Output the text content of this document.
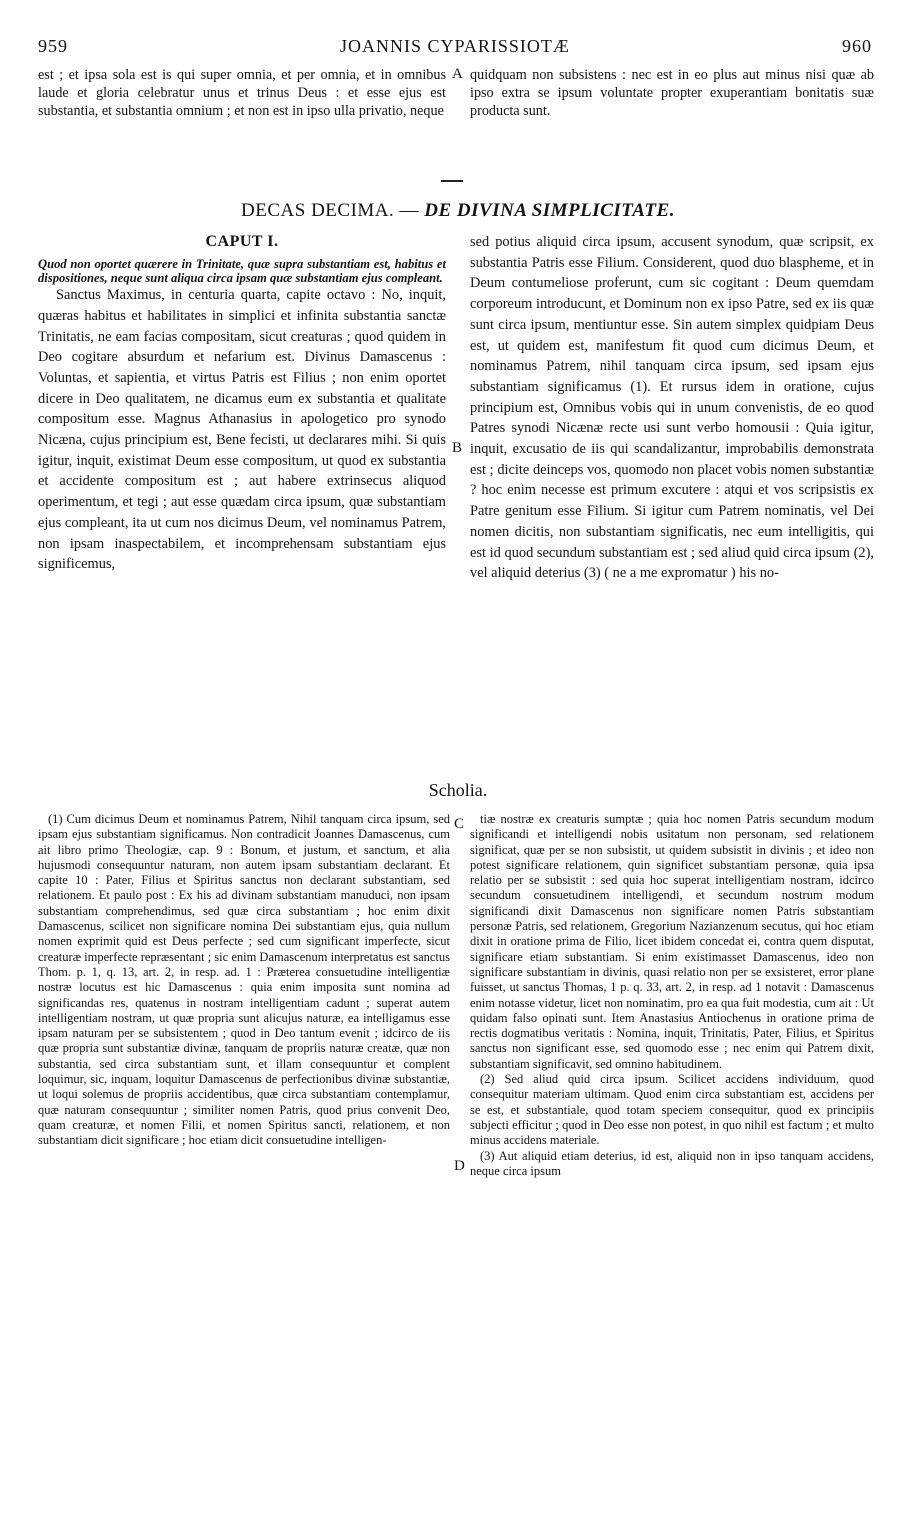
959	JOANNIS CYPARISSIOTÆ	960

est ; et ipsa sola est is qui super omnia, et per omnia, et in omnibus laude et gloria celebratur unus et trinus Deus : et esse ejus est substantia, et substantia omnium ; et non est in ipso ulla privatio, neque

A quidquam non subsistens : nec est in eo plus aut minus nisi quæ ab ipso extra se ipsum voluntate propter exuperantiam bonitatis suæ producta sunt.

DECAS DECIMA. — DE DIVINA SIMPLICITATE.
CAPUT I.

Quod non oportet quærere in Trinitate, quæ supra substantiam est, habitus et dispositiones, neque sunt aliqua circa ipsam quæ substantiam ejus compleant.

Sanctus Maximus, in centuria quarta, capite octavo : No, inquit, quæras habitus et habilitates in simplici et infinita substantia sanctæ Trinitatis, ne eam facias compositam, sicut creaturas ; quod quidem in Deo cogitare absurdum et nefarium est. Divinus Damascenus : Voluntas, et sapientia, et virtus Patris est Filius ; non enim oportet dicere in Deo qualitatem, ne dicamus eum ex substantia et qualitate compositum esse. Magnus Athanasius in apologetico pro synodo Nicæna, cujus principium est, Bene fecisti, ut declarares mihi. Si quis igitur, inquit, existimat Deum esse compositum, ut quod ex substantia et accidente compositum est ; aut habere extrinsecus aliquod operimentum, et tegi ; aut esse quædam circa ipsum, quæ substantiam ejus compleant, ita ut cum nos dicimus Deum, vel nominamus Patrem, non ipsam inaspectabilem, et incomprehensam substantiam ejus significemus,

B

sed potius aliquid circa ipsum, accusent synodum, quæ scripsit, ex substantia Patris esse Filium. Considerent, quod duo blaspheme, et in Deum contumeliose proferunt, cum sic cogitant : Deum quemdam corporeum introducunt, et Dominum non ex ipso Patre, sed ex iis quæ sunt circa ipsum, mentiuntur esse. Sin autem simplex quidpiam Deus est, ut quidem est, manifestum fit quod cum dicimus Deum, et nominamus Patrem, nihil tanquam circa ipsum, sed ipsam ejus substantiam significamus (1). Et rursus idem in oratione, cujus principium est, Omnibus vobis qui in unum convenistis, de eo quod Patres synodi Nicænæ recte usi sunt verbo homousii : Quia igitur, inquit, excusatio de iis qui scandalizantur, improbabilis demonstrata est ; dicite deinceps vos, quomodo non placet vobis nomen substantiæ ? hoc enim necesse est primum excutere : atqui et vos scripsistis ex Patre genitum esse Filium. Si igitur cum Patrem nominatis, vel Dei nomen dicitis, non substantiam significatis, nec eum intelligitis, qui est id quod secundum substantiam est ; sed aliud quid circa ipsum (2), vel aliquid deterius (3) ( ne a me expromatur ) his no-

Scholia.

(1) Cum dicimus Deum et nominamus Patrem, Nihil tanquam circa ipsum, sed ipsam ejus substantiam significamus. Non contradicit Joannes Damascenus, cum ait libro primo Theologiæ, cap. 9 : Bonum, et justum, et sanctum, et alia hujusmodi consequuntur naturam, non autem ipsam substantiam declarant. Et capite 10 : Pater, Filius et Spiritus sanctus non declarant substantiam, sed relationem. Et paulo post : Ex his ad divinam substantiam manuduci, non ipsam substantiam comprehendimus, sed quæ circa substantiam ; hoc enim dixit Damascenus, scilicet non significare nomina Dei substantiam ejus, quia nullum nomen exprimit quid est Deus perfecte ; sed cum significant imperfecte, sicut creaturæ imperfecte repræsentant ; sic enim Damascenum interpretatus est sanctus Thom. p. 1, q. 13, art. 2, in resp. ad. 1 : Præterea consuetudine intelligentiæ nostræ locutus est hic Damascenus : quia enim imposita sunt nomina ad significandas res, quatenus in nostram intelligentiam cadunt ; superat autem intelligentiam nostram, ut quæ propria sunt alicujus naturæ, ea intelligamus esse ipsam naturam per se subsistentem ; quod in Deo tantum evenit ; idcirco de iis quæ propria sunt substantiæ divinæ, tanquam de propriis naturæ creatæ, quæ non substantia, sed circa substantiam sunt, et illam consequuntur et complent loquimur, sic, inquam, loquitur Damascenus de perfectionibus divinæ substantiæ, ut loqui solemus de propriis accidentibus, quæ circa substantiam contemplamur, quæ naturam consequuntur ; similiter nomen Patris, quod prius convenit Deo, quam creaturæ, et nomen Filii, et nomen Spiritus sancti, relationem, et non substantiam dicit significare ; hoc etiam dicit consuetudine intelligen-

C
D

tiæ nostræ ex creaturis sumptæ ; quia hoc nomen Patris secundum modum significandi et intelligendi nobis usitatum non personam, sed relationem significat, quæ per se non subsistit, ut quidem subsistit in divinis ; et ideo non potest significare relationem, quin significet substantiam personæ, quia ipsa relatio per se subsistit : sed quia hoc superat intelligentiam nostram, idcirco secundum consuetudinem intelligendi, et secundum nostrum modum significandi dixit Damascenus non significare nomen Patris substantiam personæ Patris, sed relationem, Gregorium Nazianzenum secutus, qui hoc etiam dixit in oratione prima de Filio, licet ibidem concedat ei, contra quem disputat, significare etiam substantiam. Si enim existimasset Damascenus, ideo non significare substantiam in divinis, quasi relatio non per se exsisteret, error plane fuisset, ut sanctus Thomas, 1 p. q. 33, art. 2, in resp. ad 1 notavit : Damascenus enim notasse videtur, licet non nominatim, pro ea qua fuit modestia, cum ait : Ut quidam falso opinati sunt. Item Anastasius Antiochenus in oratione prima de rectis dogmatibus veritatis : Nomina, inquit, Trinitatis, Pater, Filius, et Spiritus sanctus non significant esse, sed quomodo esse ; nec enim qui Patrem dixit, substantiam significavit, sed omnino habitudinem.

(2) Sed aliud quid circa ipsum. Scilicet accidens individuum, quod consequitur materiam ultimam. Quod enim circa substantiam est, accidens per se est, et substantiale, quod totam speciem consequitur, quod ex principiis subjecti efficitur ; quod in Deo esse non potest, in quo nihil est factum ; et multo minus accidens materiale.

(3) Aut aliquid etiam deterius, id est, aliquid non in ipso tanquam accidens, neque circa ipsum
